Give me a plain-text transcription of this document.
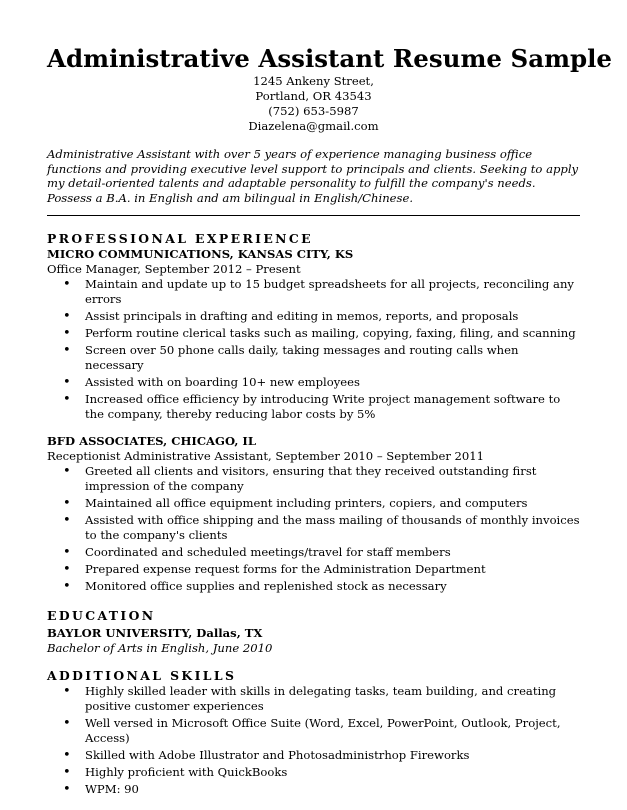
Administrative Assistant Resume Sample
1245 Ankeny Street,
Portland, OR 43543
(752) 653-5987
Diazelena@gmail.com
Administrative Assistant with over 5 years of experience managing business office functions and providing executive level support to principals and clients. Seeking to apply my detail-oriented talents and adaptable personality to fulfill the company's needs. Possess a B.A. in English and am bilingual in English/Chinese.
PROFESSIONAL EXPERIENCE
MICRO COMMUNICATIONS, KANSAS CITY, KS
Office Manager, September 2012 – Present
• Maintain and update up to 15 budget spreadsheets for all projects, reconciling any errors
• Assist principals in drafting and editing in memos, reports, and proposals
• Perform routine clerical tasks such as mailing, copying, faxing, filing, and scanning
• Screen over 50 phone calls daily, taking messages and routing calls when necessary
• Assisted with on boarding 10+ new employees
• Increased office efficiency by introducing Write project management software to the company, thereby reducing labor costs by 5%
BFD ASSOCIATES, CHICAGO, IL
Receptionist Administrative Assistant, September 2010 – September 2011
• Greeted all clients and visitors, ensuring that they received outstanding first impression of the company
• Maintained all office equipment including printers, copiers, and computers
• Assisted with office shipping and the mass mailing of thousands of monthly invoices to the company's clients
• Coordinated and scheduled meetings/travel for staff members
• Prepared expense request forms for the Administration Department
• Monitored office supplies and replenished stock as necessary
EDUCATION
BAYLOR UNIVERSITY, Dallas, TX
Bachelor of Arts in English, June 2010
ADDITIONAL SKILLS
• Highly skilled leader with skills in delegating tasks, team building, and creating positive customer experiences
• Well versed in Microsoft Office Suite (Word, Excel, PowerPoint, Outlook, Project, Access)
• Skilled with Adobe Illustrator and Photosadministrhop Fireworks
• Highly proficient with QuickBooks
• WPM: 90
